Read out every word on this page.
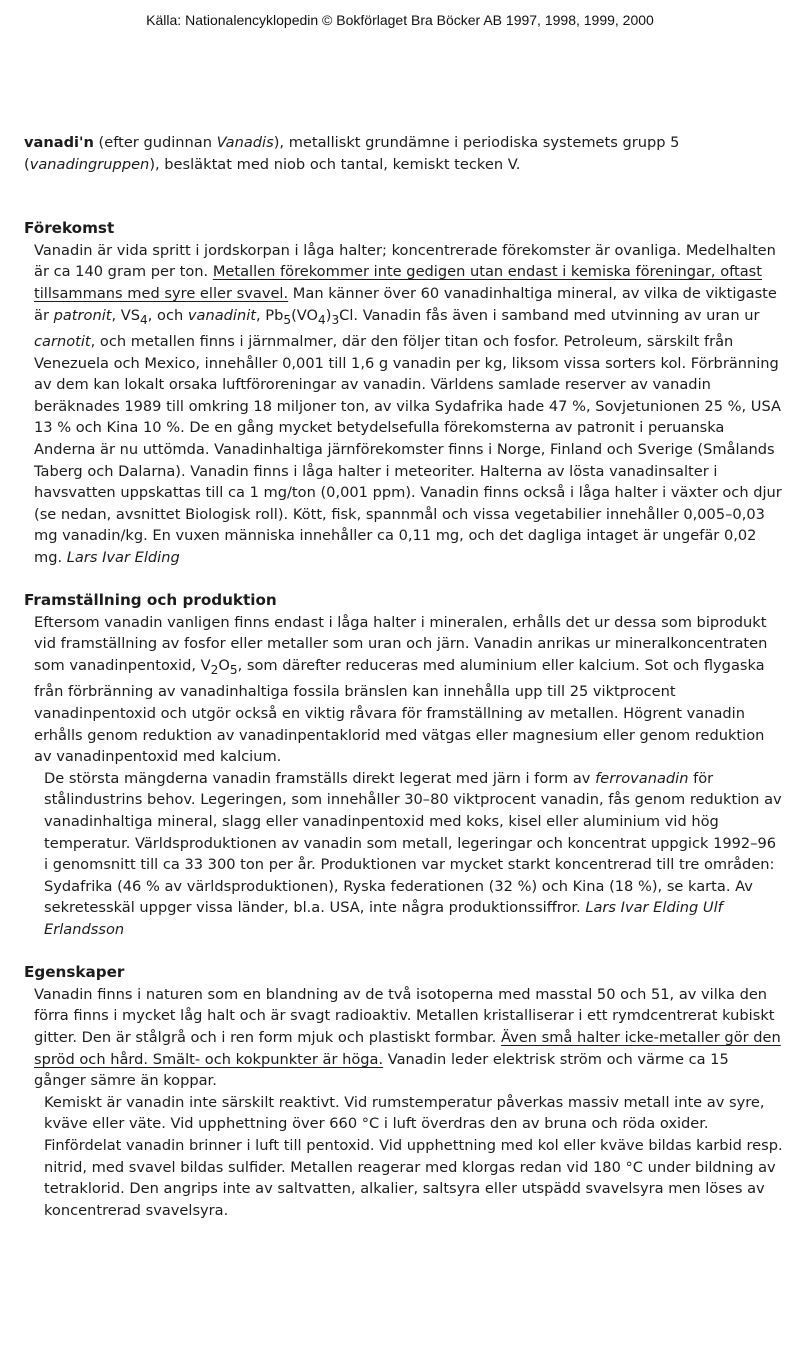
Källa: Nationalencyklopedin © Bokförlaget Bra Böcker AB 1997, 1998, 1999, 2000

vanadi'n (efter gudinnan Vanadis), metalliskt grundämne i periodiska systemets grupp 5 (vanadingruppen), besläktat med niob och tantal, kemiskt tecken V.

Förekomst

Vanadin är vida spritt i jordskorpan i låga halter; koncentrerade förekomster är ovanliga. Medelhalten är ca 140 gram per ton. Metallen förekommer inte gedigen utan endast i kemiska föreningar, oftast tillsammans med syre eller svavel. Man känner över 60 vanadinhaltiga mineral, av vilka de viktigaste är patronit, $VS_4$, och vanadinit, $Pb_5(VO_4)_3Cl$. Vanadin fås även i samband med utvinning av uran ur carnotit, och metallen finns i järnmalmer, där den följer titan och fosfor. Petroleum, särskilt från Venezuela och Mexico, innehåller 0,001 till 1,6 g vanadin per kg, liksom vissa sorters kol. Förbränning av dem kan lokalt orsaka luftföroreningar av vanadin. Världens samlade reserver av vanadin beräknades 1989 till omkring 18 miljoner ton, av vilka Sydafrika hade 47 %, Sovjetunionen 25 %, USA 13 % och Kina 10 %. De en gång mycket betydelsefulla förekomsterna av patronit i peruanska Anderna är nu uttömda. Vanadinhaltiga järnförekomster finns i Norge, Finland och Sverige (Smålands Taberg och Dalarna). Vanadin finns i låga halter i meteoriter. Halterna av lösta vanadinsalter i havsvatten uppskattas till ca 1 mg/ton (0,001 ppm). Vanadin finns också i låga halter i växter och djur (se nedan, avsnittet Biologisk roll). Kött, fisk, spannmål och vissa vegetabilier innehåller 0,005–0,03 mg vanadin/kg. En vuxen människa innehåller ca 0,11 mg, och det dagliga intaget är ungefär 0,02 mg. Lars Ivar Elding

Framställning och produktion

Eftersom vanadin vanligen finns endast i låga halter i mineralen, erhålls det ur dessa som biprodukt vid framställning av fosfor eller metaller som uran och järn. Vanadin anrikas ur mineralkoncentraten som vanadinpentoxid, $V_2O_5$, som därefter reduceras med aluminium eller kalcium. Sot och flygaska från förbränning av vanadinhaltiga fossila bränslen kan innehålla upp till 25 viktprocent vanadinpentoxid och utgör också en viktig råvara för framställning av metallen. Högrent vanadin erhålls genom reduktion av vanadinpentaklorid med vätgas eller magnesium eller genom reduktion av vanadinpentoxid med kalcium.

De största mängderna vanadin framställs direkt legerat med järn i form av ferrovanadin för stålindustrins behov. Legeringen, som innehåller 30–80 viktprocent vanadin, fås genom reduktion av vanadinhaltiga mineral, slagg eller vanadinpentoxid med koks, kisel eller aluminium vid hög temperatur. Världsproduktionen av vanadin som metall, legeringar och koncentrat uppgick 1992–96 i genomsnitt till ca 33 300 ton per år. Produktionen var mycket starkt koncentrerad till tre områden: Sydafrika (46 % av världsproduktionen), Ryska federationen (32 %) och Kina (18 %), se karta. Av sekretesskäl uppger vissa länder, bl.a. USA, inte några produktionssiffror. Lars Ivar Elding Ulf Erlandsson

Egenskaper

Vanadin finns i naturen som en blandning av de två isotoperna med masstal 50 och 51, av vilka den förra finns i mycket låg halt och är svagt radioaktiv. Metallen kristalliserar i ett rymdcentrerat kubiskt gitter. Den är stålgrå och i ren form mjuk och plastiskt formbar. Även små halter icke-metaller gör den spröd och hård. Smält- och kokpunkter är höga. Vanadin leder elektrisk ström och värme ca 15 gånger sämre än koppar.

Kemiskt är vanadin inte särskilt reaktivt. Vid rumstemperatur påverkas massiv metall inte av syre, kväve eller väte. Vid upphettning över 660 °C i luft överdras den av bruna och röda oxider. Finfördelat vanadin brinner i luft till pentoxid. Vid upphettning med kol eller kväve bildas karbid resp. nitrid, med svavel bildas sulfider. Metallen reagerar med klorgas redan vid 180 °C under bildning av tetraklorid. Den angrips inte av saltvatten, alkalier, saltsyra eller utspädd svavelsyra men löses av koncentrerad svavelsyra.
